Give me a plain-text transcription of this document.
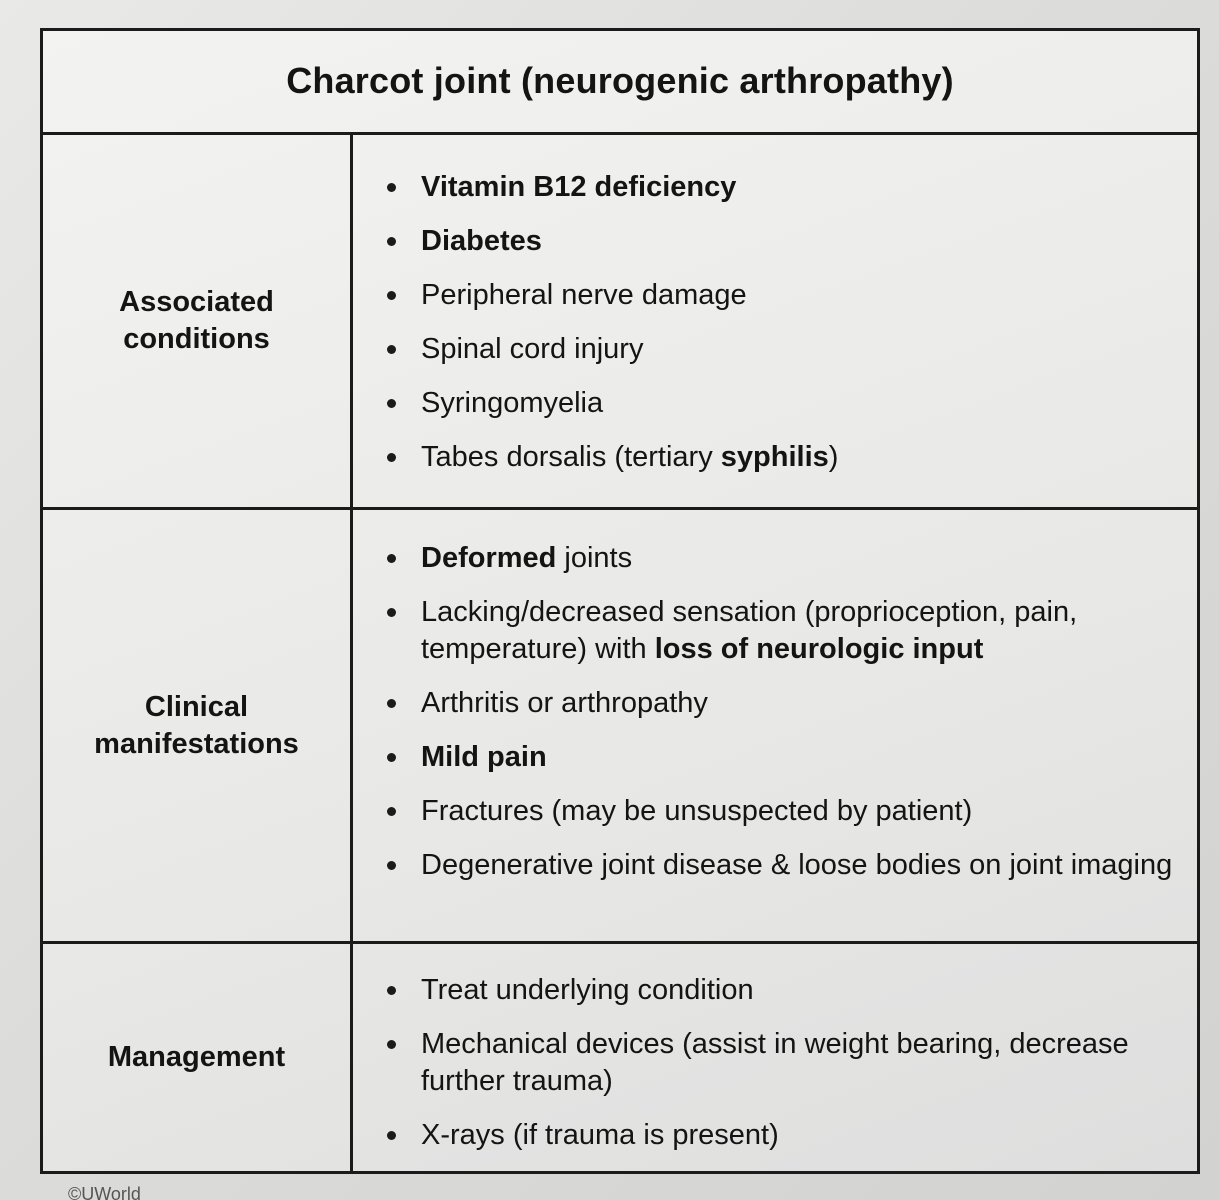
Charcot joint (neurogenic arthropathy)
Associated
conditions
Vitamin B12 deficiency
Diabetes
Peripheral nerve damage
Spinal cord injury
Syringomyelia
Tabes dorsalis (tertiary syphilis)
Clinical
manifestations
Deformed joints
Lacking/decreased sensation (proprioception, pain, temperature) with loss of neurologic input
Arthritis or arthropathy
Mild pain
Fractures (may be unsuspected by patient)
Degenerative joint disease & loose bodies on joint imaging
Management
Treat underlying condition
Mechanical devices (assist in weight bearing, decrease further trauma)
X-rays (if trauma is present)
©UWorld
